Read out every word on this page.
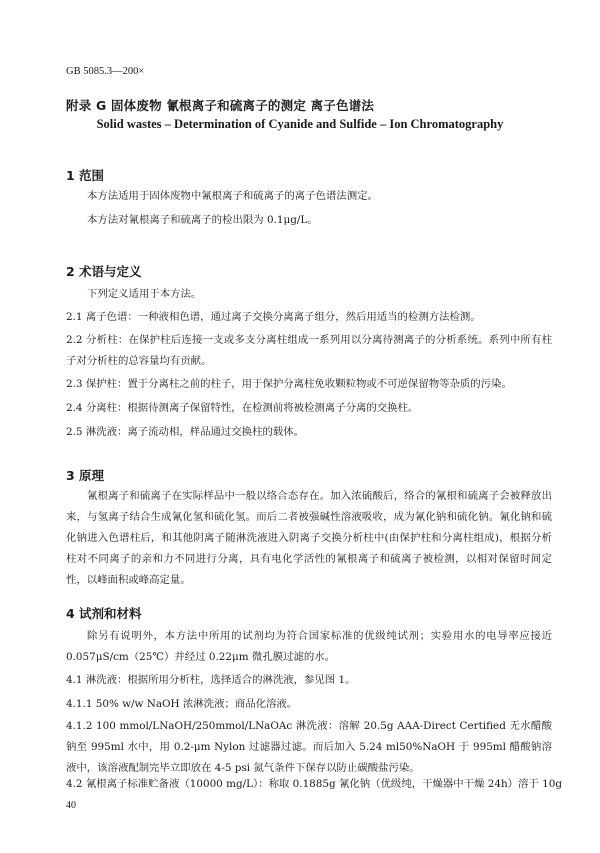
GB 5085.3—200×
附录 G 固体废物 氰根离子和硫离子的测定 离子色谱法
Solid wastes – Determination of Cyanide and Sulfide – Ion Chromatography
1 范围
本方法适用于固体废物中氰根离子和硫离子的离子色谱法测定。
本方法对氰根离子和硫离子的检出限为 0.1μg/L。
2 术语与定义
下列定义适用于本方法。
2.1 离子色谱：一种液相色谱，通过离子交换分离离子组分，然后用适当的检测方法检测。
2.2 分析柱：在保护柱后连接一支或多支分离柱组成一系列用以分离待测离子的分析系统。系列中所有柱子对分析柱的总容量均有贡献。
2.3 保护柱：置于分离柱之前的柱子，用于保护分离柱免收颗粒物或不可逆保留物等杂质的污染。
2.4 分离柱：根据待测离子保留特性，在检测前将被检测离子分离的交换柱。
2.5 淋洗液：离子流动相，样品通过交换柱的载体。
3 原理
氰根离子和硫离子在实际样品中一般以络合态存在。加入浓硫酸后，络合的氰根和硫离子会被释放出来，与氢离子结合生成氰化氢和硫化氢。而后二者被强碱性溶液吸收，成为氰化钠和硫化钠。氰化钠和硫化钠进入色谱柱后，和其他阴离子随淋洗液进入阴离子交换分析柱中(由保护柱和分离柱组成)，根据分析柱对不同离子的亲和力不同进行分离，具有电化学活性的氰根离子和硫离子被检测，以相对保留时间定性，以峰面积或峰高定量。
4 试剂和材料
除另有说明外，本方法中所用的试剂均为符合国家标准的优级纯试剂；实验用水的电导率应接近 0.057μS/cm（25℃）并经过 0.22μm 微孔膜过滤的水。
4.1 淋洗液：根据所用分析柱，选择适合的淋洗液，参见图 1。
4.1.1 50% w/w NaOH 浓淋洗液；商品化溶液。
4.1.2 100 mmol/LNaOH/250mmol/LNaOAc 淋洗液：溶解 20.5g AAA-Direct Certified 无水醋酸钠至 995ml 水中，用 0.2-μm Nylon 过滤器过滤。而后加入 5.24 ml50%NaOH 于 995ml 醋酸钠溶液中，该溶液配制完毕立即放在 4-5 psi 氮气条件下保存以防止碳酸盐污染。
4.2 氰根离子标准贮备液（10000 mg/L）：称取 0.1885g 氰化钠（优级纯，干燥器中干燥 24h）溶于 10g
40
